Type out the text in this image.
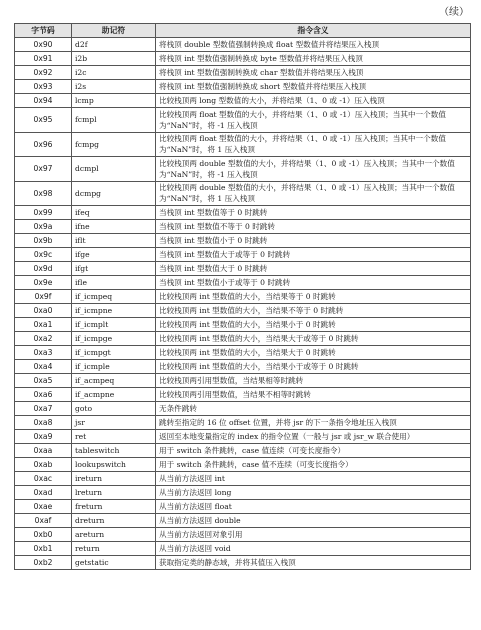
（续）
字节码	助记符	指令含义
0x90	d2f	将栈顶 double 型数值强制转换成 float 型数值并将结果压入栈顶
0x91	i2b	将栈顶 int 型数值强制转换成 byte 型数值并将结果压入栈顶
0x92	i2c	将栈顶 int 型数值强制转换成 char 型数值并将结果压入栈顶
0x93	i2s	将栈顶 int 型数值强制转换成 short 型数值并将结果压入栈顶
0x94	lcmp	比较栈顶两 long 型数值的大小，并将结果（1、0 或 -1）压入栈顶
0x95	fcmpl	比较栈顶两 float 型数值的大小，并将结果（1、0 或 -1）压入栈顶；当其中一个数值为“NaN”时，将 -1 压入栈顶
0x96	fcmpg	比较栈顶两 float 型数值的大小，并将结果（1、0 或 -1）压入栈顶；当其中一个数值为“NaN”时，将 1 压入栈顶
0x97	dcmpl	比较栈顶两 double 型数值的大小，并将结果（1、0 或 -1）压入栈顶；当其中一个数值为“NaN”时，将 -1 压入栈顶
0x98	dcmpg	比较栈顶两 double 型数值的大小，并将结果（1、0 或 -1）压入栈顶；当其中一个数值为“NaN”时，将 1 压入栈顶
0x99	ifeq	当栈顶 int 型数值等于 0 时跳转
0x9a	ifne	当栈顶 int 型数值不等于 0 时跳转
0x9b	iflt	当栈顶 int 型数值小于 0 时跳转
0x9c	ifge	当栈顶 int 型数值大于或等于 0 时跳转
0x9d	ifgt	当栈顶 int 型数值大于 0 时跳转
0x9e	ifle	当栈顶 int 型数值小于或等于 0 时跳转
0x9f	if_icmpeq	比较栈顶两 int 型数值的大小，当结果等于 0 时跳转
0xa0	if_icmpne	比较栈顶两 int 型数值的大小，当结果不等于 0 时跳转
0xa1	if_icmplt	比较栈顶两 int 型数值的大小，当结果小于 0 时跳转
0xa2	if_icmpge	比较栈顶两 int 型数值的大小，当结果大于或等于 0 时跳转
0xa3	if_icmpgt	比较栈顶两 int 型数值的大小，当结果大于 0 时跳转
0xa4	if_icmple	比较栈顶两 int 型数值的大小，当结果小于或等于 0 时跳转
0xa5	if_acmpeq	比较栈顶两引用型数值，当结果相等时跳转
0xa6	if_acmpne	比较栈顶两引用型数值，当结果不相等时跳转
0xa7	goto	无条件跳转
0xa8	jsr	跳转至指定的 16 位 offset 位置，并将 jsr 的下一条指令地址压入栈顶
0xa9	ret	返回至本地变量指定的 index 的指令位置（一般与 jsr 或 jsr_w 联合使用）
0xaa	tableswitch	用于 switch 条件跳转，case 值连续（可变长度指令）
0xab	lookupswitch	用于 switch 条件跳转，case 值不连续（可变长度指令）
0xac	ireturn	从当前方法返回 int
0xad	lreturn	从当前方法返回 long
0xae	freturn	从当前方法返回 float
0xaf	dreturn	从当前方法返回 double
0xb0	areturn	从当前方法返回对象引用
0xb1	return	从当前方法返回 void
0xb2	getstatic	获取指定类的静态域，并将其值压入栈顶
